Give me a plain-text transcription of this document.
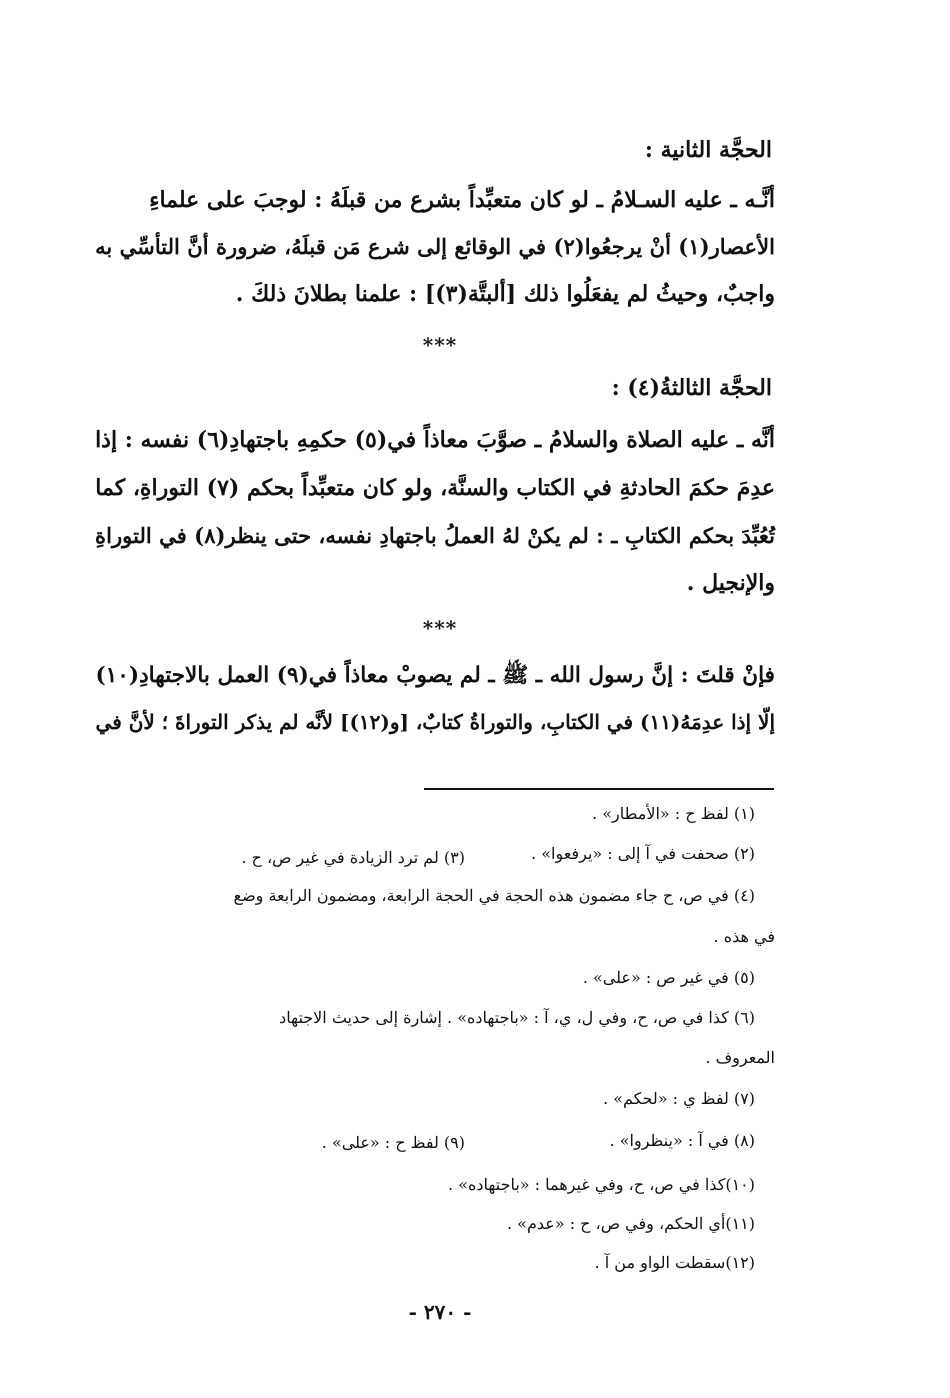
الحجَّة الثانية :
أنَّـه ـ عليه السـلامُ ـ لو كان متعبِّداً بشرع من قبلَهُ : لوجبَ على علماءِ
الأعصار(١) أنْ يرجعُوا(٢) في الوقائع إلى شرع مَن قبلَهُ، ضرورة أنَّ التأسِّي به
واجبٌ، وحيثُ لم يفعَلُوا ذلك [ألبتَّة(٣)] : علمنا بطلانَ ذلكَ .
***
الحجَّة الثالثةُ(٤) :
أنَّه ـ عليه الصلاة والسلامُ ـ صوَّبَ معاذاً في(٥) حكمِهِ باجتهادِ(٦) نفسه : إذا
عدِمَ حكمَ الحادثةِ في الكتاب والسنَّة، ولو كان متعبِّداً بحكم (٧) التوراةِ، كما
تُعُبِّدَ بحكم الكتابِ ـ : لم يكنْ لهُ العملُ باجتهادِ نفسه، حتى ينظر(٨) في التوراةِ
والإنجيل .
***
فإنْ قلتَ : إنَّ رسول الله ـ ﷺ ـ لم يصوبْ معاذاً في(٩) العمل بالاجتهادِ(١٠)
إلّا إذا عدِمَهُ(١١) في الكتابِ، والتوراةُ كتابٌ، [و(١٢)] لأنَّه لم يذكر التوراةَ ؛ لأنَّ في
(١) لفظ ح : «الأمطار» .
(٢) صحفت في آ إلى : «يرفعوا» .
(٣) لم ترد الزيادة في غير ص، ح .
(٤) في ص، ح جاء مضمون هذه الحجة في الحجة الرابعة، ومضمون الرابعة وضع
في هذه .
(٥) في غير ص : «على» .
(٦) كذا في ص، ح، وفي ل، ي، آ : «باجتهاده» . إشارة إلى حديث الاجتهاد
المعروف .
(٧) لفظ ي : «لحكم» .
(٨) في آ : «ينظروا» .
(٩) لفظ ح : «على» .
(١٠)كذا في ص، ح، وفي غيرهما : «باجتهاده» .
(١١)أي الحكم، وفي ص، ح : «عدم» .
(١٢)سقطت الواو من آ .
- ٢٧٠ -
